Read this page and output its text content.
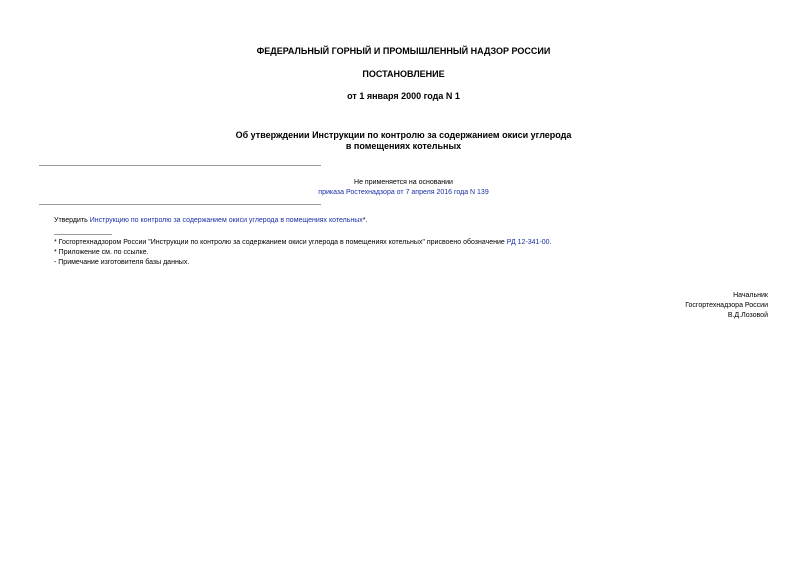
ФЕДЕРАЛЬНЫЙ ГОРНЫЙ И ПРОМЫШЛЕННЫЙ НАДЗОР РОССИИ
ПОСТАНОВЛЕНИЕ
от 1 января 2000 года N 1
Об утверждении Инструкции по контролю за содержанием окиси углерода
в помещениях котельных
Не применяется на основании
приказа Ростехнадзора от 7 апреля 2016 года N 139
Утвердить Инструкцию по контролю за содержанием окиси углерода в помещениях котельных*.
* Госгортехнадзором России "Инструкции по контролю за содержанием окиси углерода в помещениях котельных" присвоено обозначение РД 12-341-00.
* Приложение см. по ссылке.
- Примечание изготовителя базы данных.
Начальник
Госгортехнадзора России
В.Д.Лозовой
